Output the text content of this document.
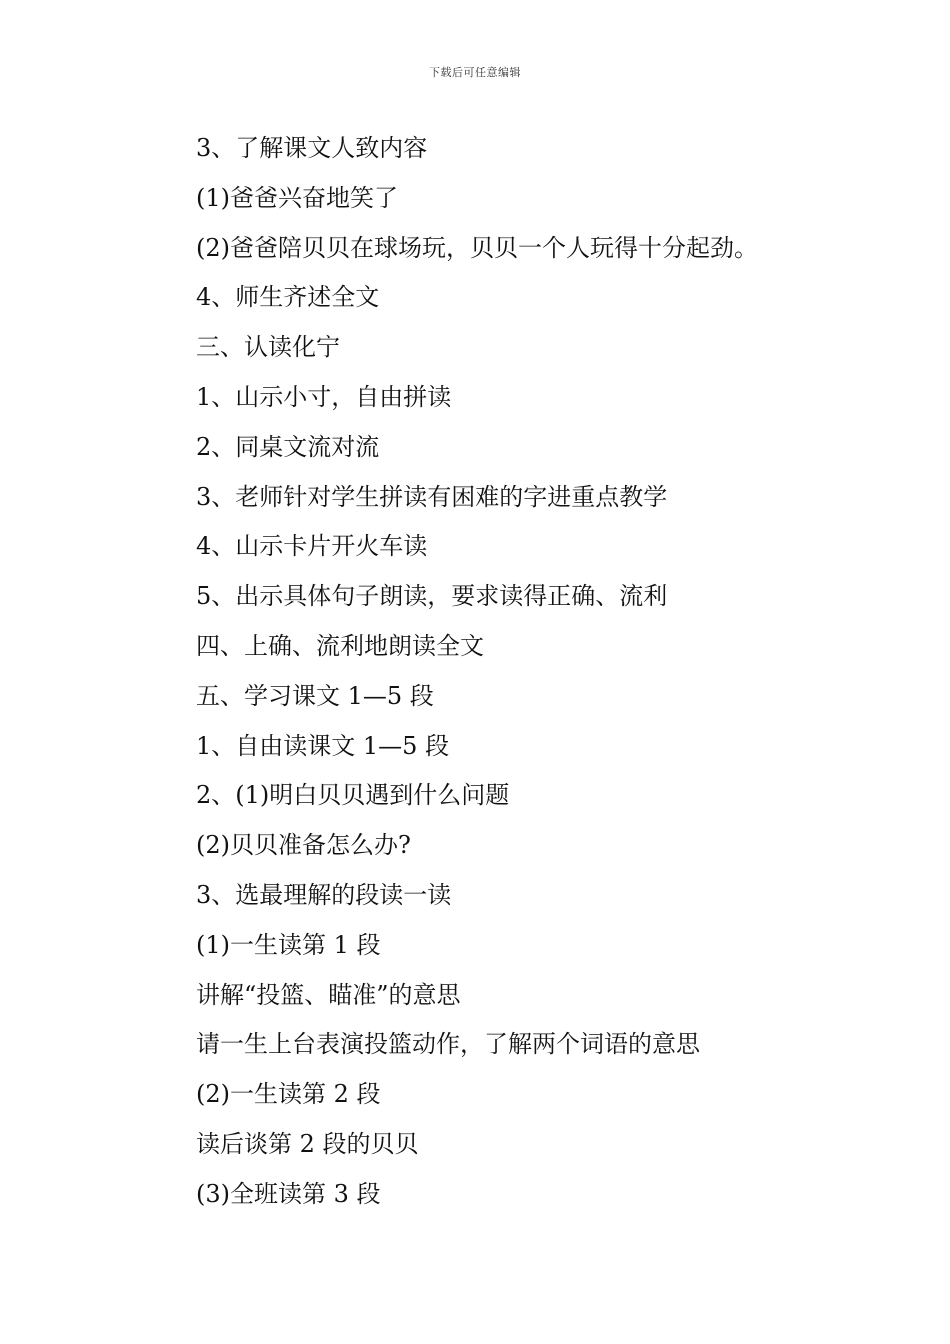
下载后可任意编辑
3、了解课文人致内容
(1)爸爸兴奋地笑了
(2)爸爸陪贝贝在球场玩，贝贝一个人玩得十分起劲。
4、师生齐述全文
三、认读化宁
1、山示小寸，自由拼读
2、同桌文流对流
3、老师针对学生拼读有困难的字进重点教学
4、山示卡片开火车读
5、出示具体句子朗读，要求读得正确、流利
四、上确、流利地朗读全文
五、学习课文 1—5 段
1、自由读课文 1—5 段
2、(1)明白贝贝遇到什么问题
(2)贝贝准备怎么办?
3、选最理解的段读一读
(1)一生读第 1 段
讲解“投篮、瞄准”的意思
请一生上台表演投篮动作，了解两个词语的意思
(2)一生读第 2 段
读后谈第 2 段的贝贝
(3)全班读第 3 段
